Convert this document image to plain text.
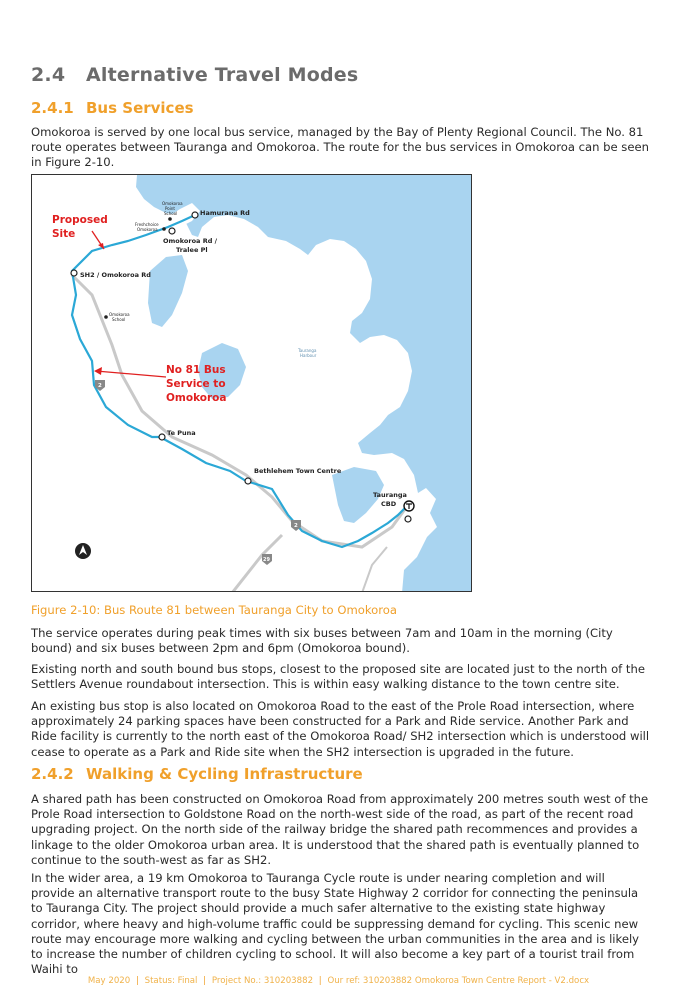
2.4 Alternative Travel Modes
2.4.1 Bus Services

Omokoroa is served by one local bus service, managed by the Bay of Plenty Regional Council. The No. 81 route operates between Tauranga and Omokoroa. The route for the bus services in Omokoroa can be seen in Figure 2-10.

Proposed
Site
No 81 Bus
Service to
Omokoroa
Hamurana Rd
Omokoroa Rd /
Tralee Pl
SH2 / Omokoroa Rd
Te Puna
Bethlehem Town Centre
Tauranga
CBD
Omokoroa
Point
School
Freshchoice
Omokoroa
Omokoroa
School
Tauranga
Harbour
2
2
29

Figure 2-10: Bus Route 81 between Tauranga City to Omokoroa

The service operates during peak times with six buses between 7am and 10am in the morning (City bound) and six buses between 2pm and 6pm (Omokoroa bound).

Existing north and south bound bus stops, closest to the proposed site are located just to the north of the Settlers Avenue roundabout intersection. This is within easy walking distance to the town centre site.

An existing bus stop is also located on Omokoroa Road to the east of the Prole Road intersection, where approximately 24 parking spaces have been constructed for a Park and Ride service. Another Park and Ride facility is currently to the north east of the Omokoroa Road/ SH2 intersection which is understood will cease to operate as a Park and Ride site when the SH2 intersection is upgraded in the future.

2.4.2 Walking & Cycling Infrastructure

A shared path has been constructed on Omokoroa Road from approximately 200 metres south west of the Prole Road intersection to Goldstone Road on the north-west side of the road, as part of the recent road upgrading project. On the north side of the railway bridge the shared path recommences and provides a linkage to the older Omokoroa urban area. It is understood that the shared path is eventually planned to continue to the south-west as far as SH2.

In the wider area, a 19 km Omokoroa to Tauranga Cycle route is under nearing completion and will provide an alternative transport route to the busy State Highway 2 corridor for connecting the peninsula to Tauranga City. The project should provide a much safer alternative to the existing state highway corridor, where heavy and high-volume traffic could be suppressing demand for cycling. This scenic new route may encourage more walking and cycling between the urban communities in the area and is likely to increase the number of children cycling to school. It will also become a key part of a tourist trail from Waihi to

May 2020 | Status: Final | Project No.: 310203882 | Our ref: 310203882 Omokoroa Town Centre Report - V2.docx
